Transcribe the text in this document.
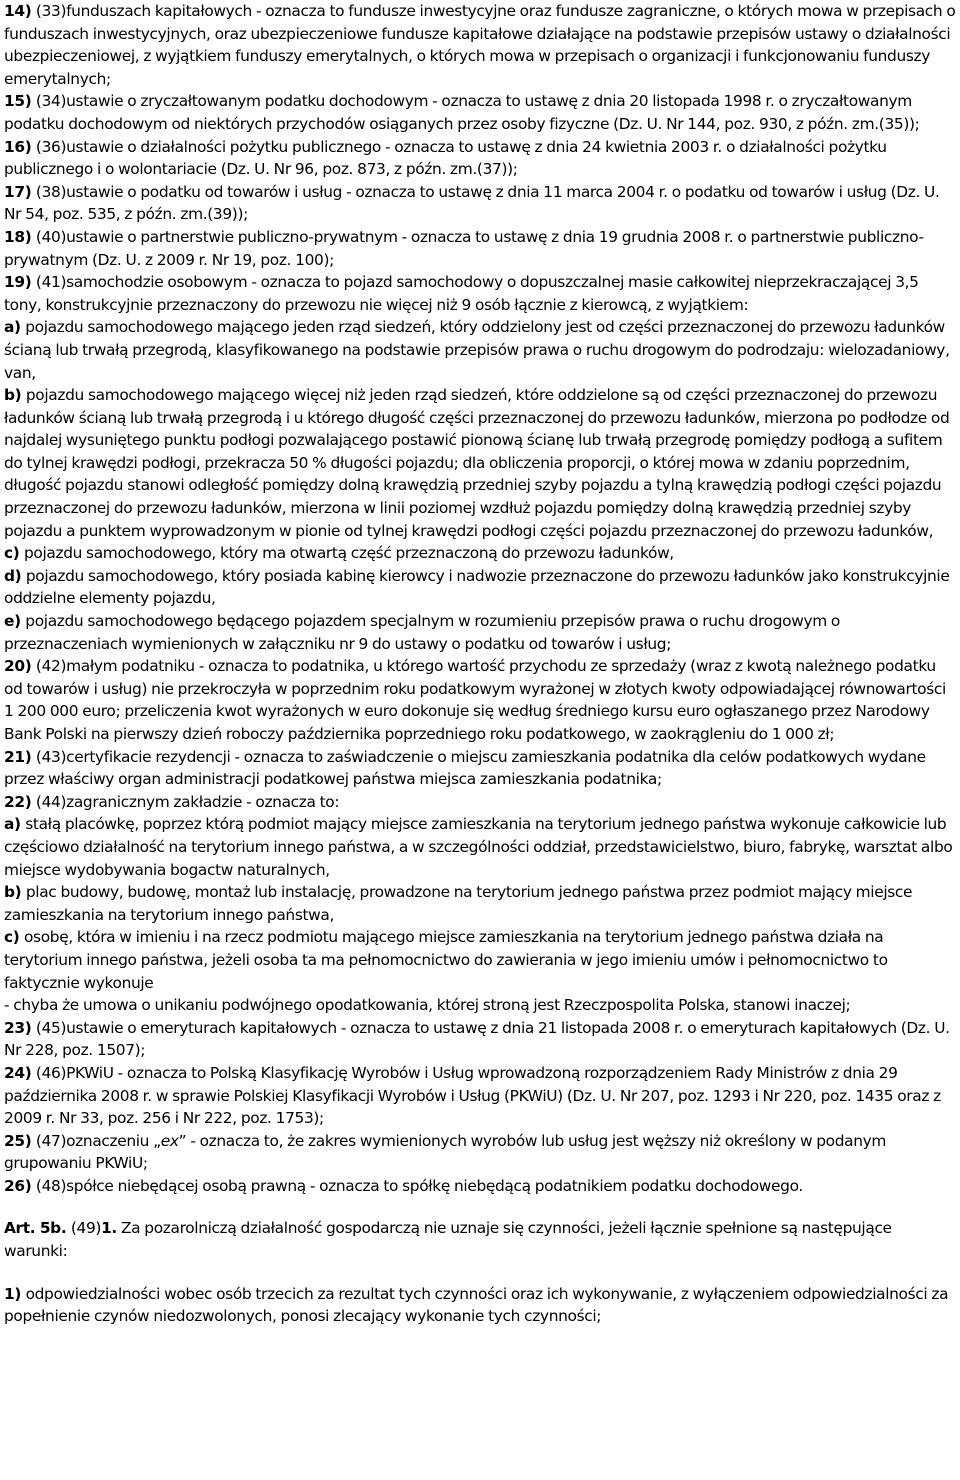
14) (33)funduszach kapitałowych - oznacza to fundusze inwestycyjne oraz fundusze zagraniczne, o których mowa w przepisach o funduszach inwestycyjnych, oraz ubezpieczeniowe fundusze kapitałowe działające na podstawie przepisów ustawy o działalności ubezpieczeniowej, z wyjątkiem funduszy emerytalnych, o których mowa w przepisach o organizacji i funkcjonowaniu funduszy emerytalnych;

15) (34)ustawie o zryczałtowanym podatku dochodowym - oznacza to ustawę z dnia 20 listopada 1998 r. o zryczałtowanym podatku dochodowym od niektórych przychodów osiąganych przez osoby fizyczne (Dz. U. Nr 144, poz. 930, z późn. zm.(35));

16) (36)ustawie o działalności pożytku publicznego - oznacza to ustawę z dnia 24 kwietnia 2003 r. o działalności pożytku publicznego i o wolontariacie (Dz. U. Nr 96, poz. 873, z późn. zm.(37));

17) (38)ustawie o podatku od towarów i usług - oznacza to ustawę z dnia 11 marca 2004 r. o podatku od towarów i usług (Dz. U. Nr 54, poz. 535, z późn. zm.(39));

18) (40)ustawie o partnerstwie publiczno-prywatnym - oznacza to ustawę z dnia 19 grudnia 2008 r. o partnerstwie publiczno-prywatnym (Dz. U. z 2009 r. Nr 19, poz. 100);

19) (41)samochodzie osobowym - oznacza to pojazd samochodowy o dopuszczalnej masie całkowitej nieprzekraczającej 3,5 tony, konstrukcyjnie przeznaczony do przewozu nie więcej niż 9 osób łącznie z kierowcą, z wyjątkiem:

a) pojazdu samochodowego mającego jeden rząd siedzeń, który oddzielony jest od części przeznaczonej do przewozu ładunków ścianą lub trwałą przegrodą, klasyfikowanego na podstawie przepisów prawa o ruchu drogowym do podrodzaju: wielozadaniowy, van,

b) pojazdu samochodowego mającego więcej niż jeden rząd siedzeń, które oddzielone są od części przeznaczonej do przewozu ładunków ścianą lub trwałą przegrodą i u którego długość części przeznaczonej do przewozu ładunków, mierzona po podłodze od najdalej wysuniętego punktu podłogi pozwalającego postawić pionową ścianę lub trwałą przegrodę pomiędzy podłogą a sufitem do tylnej krawędzi podłogi, przekracza 50 % długości pojazdu; dla obliczenia proporcji, o której mowa w zdaniu poprzednim, długość pojazdu stanowi odległość pomiędzy dolną krawędzią przedniej szyby pojazdu a tylną krawędzią podłogi części pojazdu przeznaczonej do przewozu ładunków, mierzona w linii poziomej wzdłuż pojazdu pomiędzy dolną krawędzią przedniej szyby pojazdu a punktem wyprowadzonym w pionie od tylnej krawędzi podłogi części pojazdu przeznaczonej do przewozu ładunków,

c) pojazdu samochodowego, który ma otwartą część przeznaczoną do przewozu ładunków,

d) pojazdu samochodowego, który posiada kabinę kierowcy i nadwozie przeznaczone do przewozu ładunków jako konstrukcyjnie oddzielne elementy pojazdu,

e) pojazdu samochodowego będącego pojazdem specjalnym w rozumieniu przepisów prawa o ruchu drogowym o przeznaczeniach wymienionych w załączniku nr 9 do ustawy o podatku od towarów i usług;

20) (42)małym podatniku - oznacza to podatnika, u którego wartość przychodu ze sprzedaży (wraz z kwotą należnego podatku od towarów i usług) nie przekroczyła w poprzednim roku podatkowym wyrażonej w złotych kwoty odpowiadającej równowartości 1 200 000 euro; przeliczenia kwot wyrażonych w euro dokonuje się według średniego kursu euro ogłaszanego przez Narodowy Bank Polski na pierwszy dzień roboczy października poprzedniego roku podatkowego, w zaokrągleniu do 1 000 zł;

21) (43)certyfikacie rezydencji - oznacza to zaświadczenie o miejscu zamieszkania podatnika dla celów podatkowych wydane przez właściwy organ administracji podatkowej państwa miejsca zamieszkania podatnika;

22) (44)zagranicznym zakładzie - oznacza to:

a) stałą placówkę, poprzez którą podmiot mający miejsce zamieszkania na terytorium jednego państwa wykonuje całkowicie lub częściowo działalność na terytorium innego państwa, a w szczególności oddział, przedstawicielstwo, biuro, fabrykę, warsztat albo miejsce wydobywania bogactw naturalnych,

b) plac budowy, budowę, montaż lub instalację, prowadzone na terytorium jednego państwa przez podmiot mający miejsce zamieszkania na terytorium innego państwa,

c) osobę, która w imieniu i na rzecz podmiotu mającego miejsce zamieszkania na terytorium jednego państwa działa na terytorium innego państwa, jeżeli osoba ta ma pełnomocnictwo do zawierania w jego imieniu umów i pełnomocnictwo to faktycznie wykonuje

- chyba że umowa o unikaniu podwójnego opodatkowania, której stroną jest Rzeczpospolita Polska, stanowi inaczej;

23) (45)ustawie o emeryturach kapitałowych - oznacza to ustawę z dnia 21 listopada 2008 r. o emeryturach kapitałowych (Dz. U. Nr 228, poz. 1507);

24) (46)PKWiU - oznacza to Polską Klasyfikację Wyrobów i Usług wprowadzoną rozporządzeniem Rady Ministrów z dnia 29 października 2008 r. w sprawie Polskiej Klasyfikacji Wyrobów i Usług (PKWiU) (Dz. U. Nr 207, poz. 1293 i Nr 220, poz. 1435 oraz z 2009 r. Nr 33, poz. 256 i Nr 222, poz. 1753);

25) (47)oznaczeniu „ex” - oznacza to, że zakres wymienionych wyrobów lub usług jest węższy niż określony w podanym grupowaniu PKWiU;

26) (48)spółce niebędącej osobą prawną - oznacza to spółkę niebędącą podatnikiem podatku dochodowego.

Art. 5b. (49)1. Za pozarolniczą działalność gospodarczą nie uznaje się czynności, jeżeli łącznie spełnione są następujące warunki:

1) odpowiedzialności wobec osób trzecich za rezultat tych czynności oraz ich wykonywanie, z wyłączeniem odpowiedzialności za popełnienie czynów niedozwolonych, ponosi zlecający wykonanie tych czynności;
